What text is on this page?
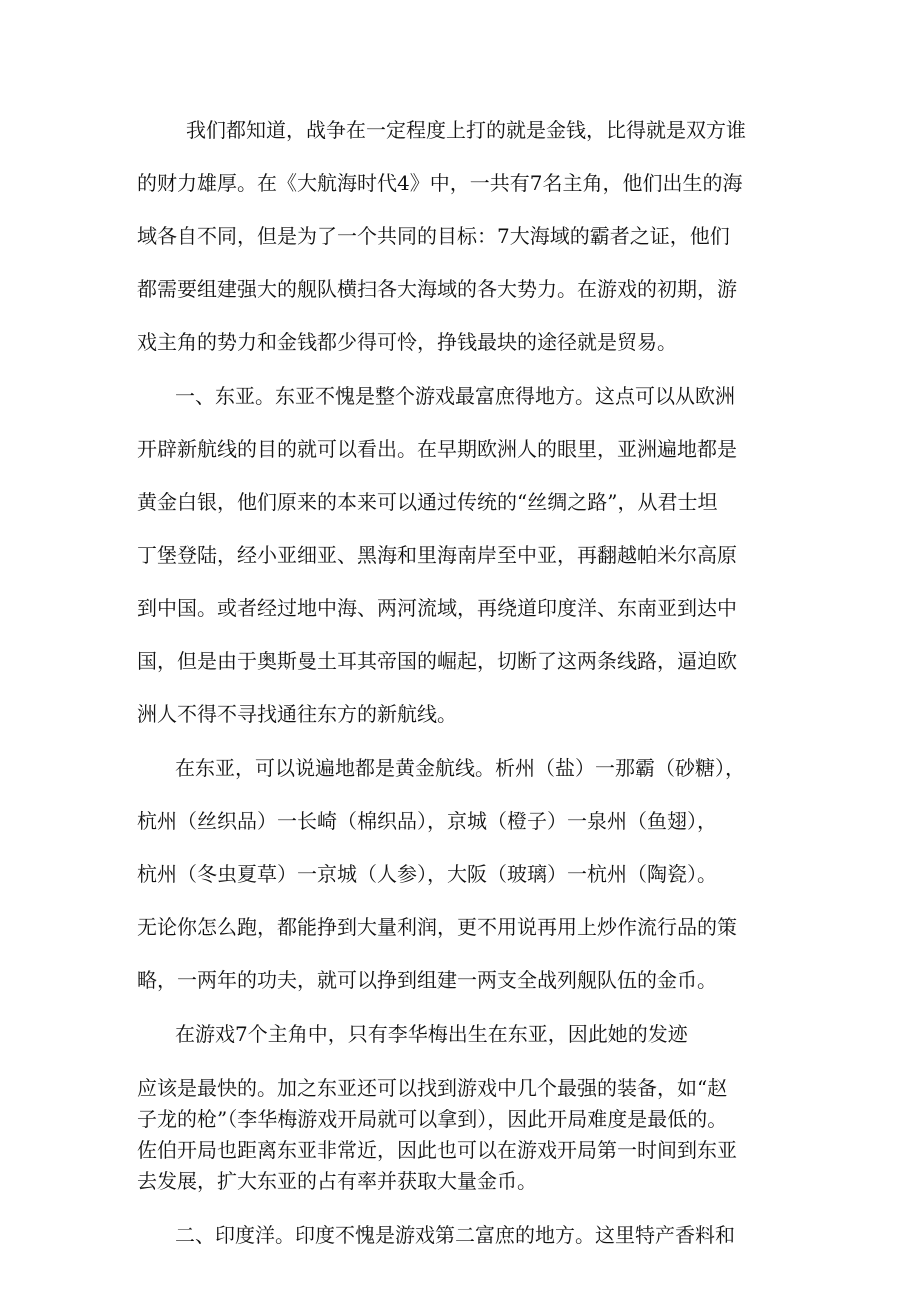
我们都知道，战争在一定程度上打的就是金钱，比得就是双方谁

的财力雄厚。在《大航海时代4》中，一共有7名主角，他们出生的海

域各自不同，但是为了一个共同的目标：7大海域的霸者之证，他们

都需要组建强大的舰队横扫各大海域的各大势力。在游戏的初期，游

戏主角的势力和金钱都少得可怜，挣钱最块的途径就是贸易。

一、东亚。东亚不愧是整个游戏最富庶得地方。这点可以从欧洲

开辟新航线的目的就可以看出。在早期欧洲人的眼里，亚洲遍地都是

黄金白银，他们原来的本来可以通过传统的“丝绸之路”，从君士坦

丁堡登陆，经小亚细亚、黑海和里海南岸至中亚，再翻越帕米尔高原

到中国。或者经过地中海、两河流域，再绕道印度洋、东南亚到达中

国，但是由于奥斯曼土耳其帝国的崛起，切断了这两条线路，逼迫欧

洲人不得不寻找通往东方的新航线。

在东亚，可以说遍地都是黄金航线。析州（盐）一那霸（砂糖），

杭州（丝织品）一长崎（棉织品），京城（橙子）一泉州（鱼翅），

杭州（冬虫夏草）一京城（人参），大阪（玻璃）一杭州（陶瓷）。

无论你怎么跑，都能挣到大量利润，更不用说再用上炒作流行品的策

略，一两年的功夫，就可以挣到组建一两支全战列舰队伍的金币。

在游戏7个主角中，只有李华梅出生在东亚，因此她的发迹

应该是最快的。加之东亚还可以找到游戏中几个最强的装备，如“赵

子龙的枪”（李华梅游戏开局就可以拿到），因此开局难度是最低的。

佐伯开局也距离东亚非常近，因此也可以在游戏开局第一时间到东亚

去发展，扩大东亚的占有率并获取大量金币。

二、印度洋。印度不愧是游戏第二富庶的地方。这里特产香料和
